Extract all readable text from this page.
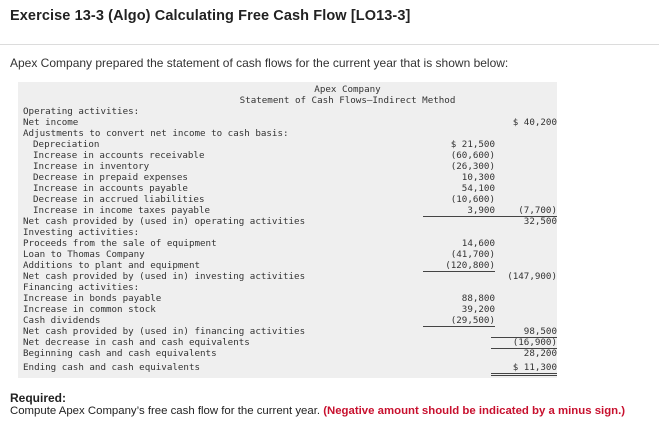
Exercise 13-3 (Algo) Calculating Free Cash Flow [LO13-3]
Apex Company prepared the statement of cash flows for the current year that is shown below:
Apex Company
Statement of Cash Flows—Indirect Method
Operating activities:
Net income	$ 40,200
Adjustments to convert net income to cash basis:
Depreciation	$ 21,500
Increase in accounts receivable	(60,600)
Increase in inventory	(26,300)
Decrease in prepaid expenses	10,300
Increase in accounts payable	54,100
Decrease in accrued liabilities	(10,600)
Increase in income taxes payable	3,900	(7,700)
Net cash provided by (used in) operating activities	32,500
Investing activities:
Proceeds from the sale of equipment	14,600
Loan to Thomas Company	(41,700)
Additions to plant and equipment	(120,800)
Net cash provided by (used in) investing activities	(147,900)
Financing activities:
Increase in bonds payable	88,800
Increase in common stock	39,200
Cash dividends	(29,500)
Net cash provided by (used in) financing activities	98,500
Net decrease in cash and cash equivalents	(16,900)
Beginning cash and cash equivalents	28,200
Ending cash and cash equivalents	$ 11,300
Required:
Compute Apex Company’s free cash flow for the current year. (Negative amount should be indicated by a minus sign.)
